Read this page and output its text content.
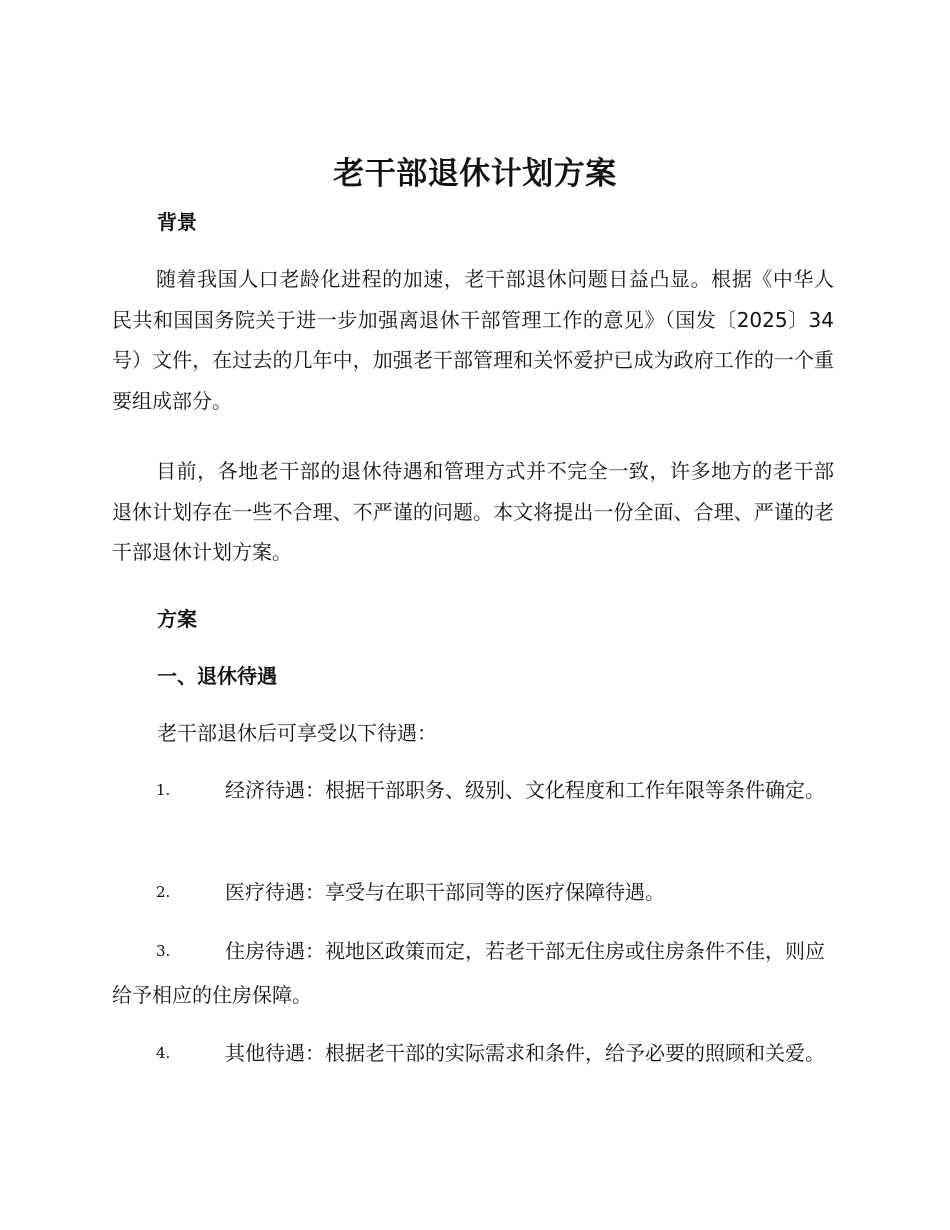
老干部退休计划方案
背景

随着我国人口老龄化进程的加速，老干部退休问题日益凸显。根据《中华人民共和国国务院关于进一步加强离退休干部管理工作的意见》（国发〔2025〕34号）文件，在过去的几年中，加强老干部管理和关怀爱护已成为政府工作的一个重要组成部分。

目前，各地老干部的退休待遇和管理方式并不完全一致，许多地方的老干部退休计划存在一些不合理、不严谨的问题。本文将提出一份全面、合理、严谨的老干部退休计划方案。

方案
一、退休待遇
老干部退休后可享受以下待遇：

1.	经济待遇：根据干部职务、级别、文化程度和工作年限等条件确定。

2.	医疗待遇：享受与在职干部同等的医疗保障待遇。

3.	住房待遇：视地区政策而定，若老干部无住房或住房条件不佳，则应给予相应的住房保障。

4.	其他待遇：根据老干部的实际需求和条件，给予必要的照顾和关爱。
